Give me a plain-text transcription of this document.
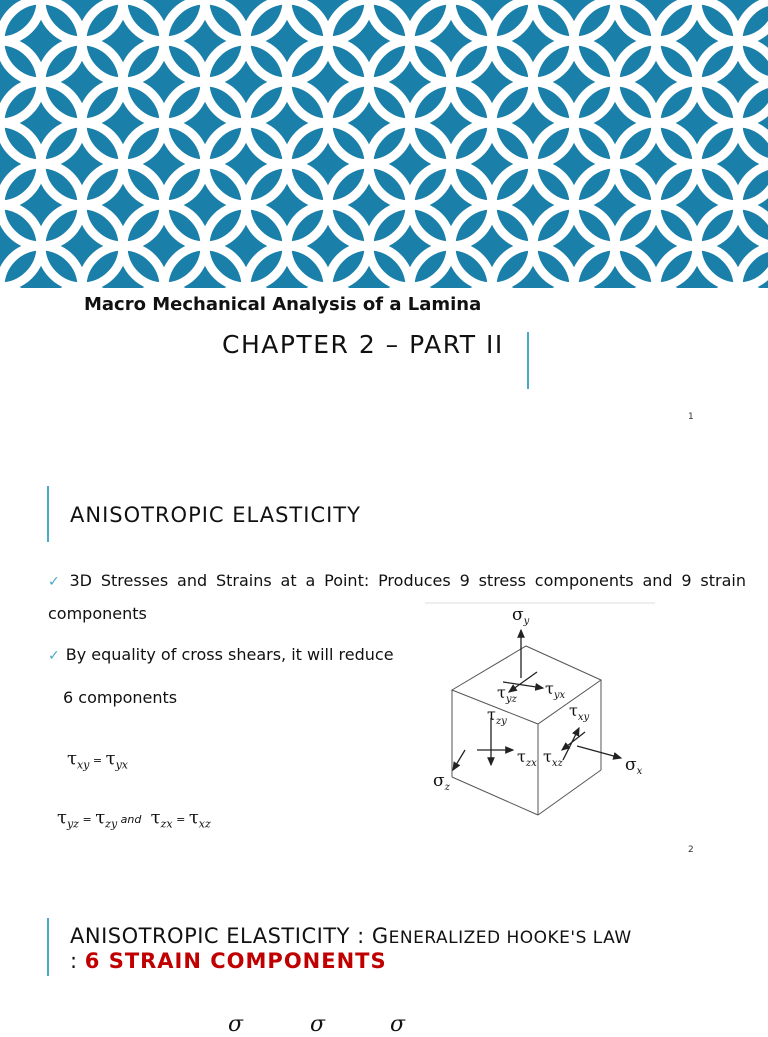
Macro Mechanical Analysis of a Lamina
CHAPTER 2 – PART II
1
ANISOTROPIC ELASTICITY
✓ 3D Stresses and Strains at a Point: Produces 9 stress components and 9 strain components
✓ By equality of cross shears, it will reduce
6 components
$\tau_{xy} = \tau_{yx}$
$\tau_{yz} = \tau_{zy}$ and  $\tau_{zx} = \tau_{xz}$
$\sigma_y$
$\tau_{yz}$
$\tau_{yx}$
$\tau_{zy}$
$\tau_{xy}$
$\tau_{zx}$ $\tau_{xz}$	$\sigma_x$
$\sigma_z$
2
ANISOTROPIC ELASTICITY : GENERALIZED HOOKE'S LAW
: 6 STRAIN COMPONENTS
σ	σ	σ
